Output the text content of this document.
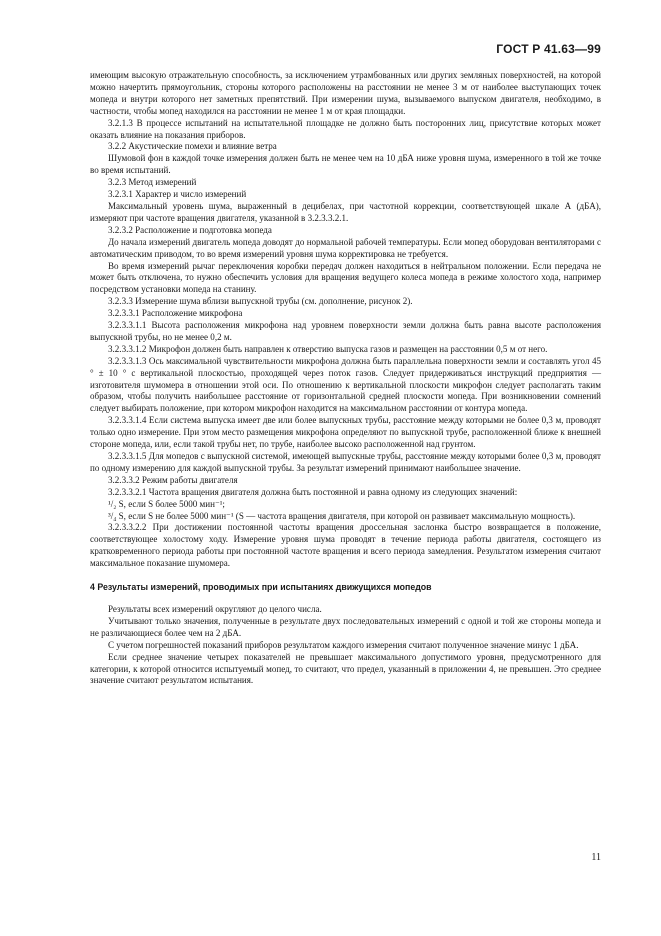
ГОСТ Р 41.63—99

имеющим высокую отражательную способность, за исключением утрамбованных или других земляных поверхностей, на которой можно начертить прямоугольник, стороны которого расположены на расстоянии не менее 3 м от наиболее выступающих точек мопеда и внутри которого нет заметных препятствий. При измерении шума, вызываемого выпуском двигателя, необходимо, в частности, чтобы мопед находился на расстоянии не менее 1 м от края площадки.

3.2.1.3 В процессе испытаний на испытательной площадке не должно быть посторонних лиц, присутствие которых может оказать влияние на показания приборов.

3.2.2 Акустические помехи и влияние ветра

Шумовой фон в каждой точке измерения должен быть не менее чем на 10 дБА ниже уровня шума, измеренного в той же точке во время испытаний.

3.2.3 Метод измерений

3.2.3.1 Характер и число измерений

Максимальный уровень шума, выраженный в децибелах, при частотной коррекции, соответствующей шкале А (дБА), измеряют при частоте вращения двигателя, указанной в 3.2.3.3.2.1.

3.2.3.2 Расположение и подготовка мопеда

До начала измерений двигатель мопеда доводят до нормальной рабочей температуры. Если мопед оборудован вентиляторами с автоматическим приводом, то во время измерений уровня шума корректировка не требуется.

Во время измерений рычаг переключения коробки передач должен находиться в нейтральном положении. Если передача не может быть отключена, то нужно обеспечить условия для вращения ведущего колеса мопеда в режиме холостого хода, например посредством установки мопеда на станину.

3.2.3.3 Измерение шума вблизи выпускной трубы (см. дополнение, рисунок 2).

3.2.3.3.1 Расположение микрофона

3.2.3.3.1.1 Высота расположения микрофона над уровнем поверхности земли должна быть равна высоте расположения выпускной трубы, но не менее 0,2 м.

3.2.3.3.1.2 Микрофон должен быть направлен к отверстию выпуска газов и размещен на расстоянии 0,5 м от него.

3.2.3.3.1.3 Ось максимальной чувствительности микрофона должна быть параллельна поверхности земли и составлять угол 45 ° ± 10 ° с вертикальной плоскостью, проходящей через поток газов. Следует придерживаться инструкций предприятия — изготовителя шумомера в отношении этой оси. По отношению к вертикальной плоскости микрофон следует располагать таким образом, чтобы получить наибольшее расстояние от горизонтальной средней плоскости мопеда. При возникновении сомнений следует выбирать положение, при котором микрофон находится на максимальном расстоянии от контура мопеда.

3.2.3.3.1.4 Если система выпуска имеет две или более выпускных трубы, расстояние между которыми не более 0,3 м, проводят только одно измерение. При этом место размещения микрофона определяют по выпускной трубе, расположенной ближе к внешней стороне мопеда, или, если такой трубы нет, по трубе, наиболее высоко расположенной над грунтом.

3.2.3.3.1.5 Для мопедов с выпускной системой, имеющей выпускные трубы, расстояние между которыми более 0,3 м, проводят по одному измерению для каждой выпускной трубы. За результат измерений принимают наибольшее значение.

3.2.3.3.2 Режим работы двигателя

3.2.3.3.2.1 Частота вращения двигателя должна быть постоянной и равна одному из следующих значений:

¹/₂ S, если S более 5000 мин⁻¹;

³/₄ S, если S не более 5000 мин⁻¹ (S — частота вращения двигателя, при которой он развивает максимальную мощность).

3.2.3.3.2.2 При достижении постоянной частоты вращения дроссельная заслонка быстро возвращается в положение, соответствующее холостому ходу. Измерение уровня шума проводят в течение периода работы двигателя, состоящего из кратковременного периода работы при постоянной частоте вращения и всего периода замедления. Результатом измерения считают максимальное показание шумомера.

4 Результаты измерений, проводимых при испытаниях движущихся мопедов

Результаты всех измерений округляют до целого числа.

Учитывают только значения, полученные в результате двух последовательных измерений с одной и той же стороны мопеда и не различающиеся более чем на 2 дБА.

С учетом погрешностей показаний приборов результатом каждого измерения считают полученное значение минус 1 дБА.

Если среднее значение четырех показателей не превышает максимального допустимого уровня, предусмотренного для категории, к которой относится испытуемый мопед, то считают, что предел, указанный в приложении 4, не превышен. Это среднее значение считают результатом испытания.

11
